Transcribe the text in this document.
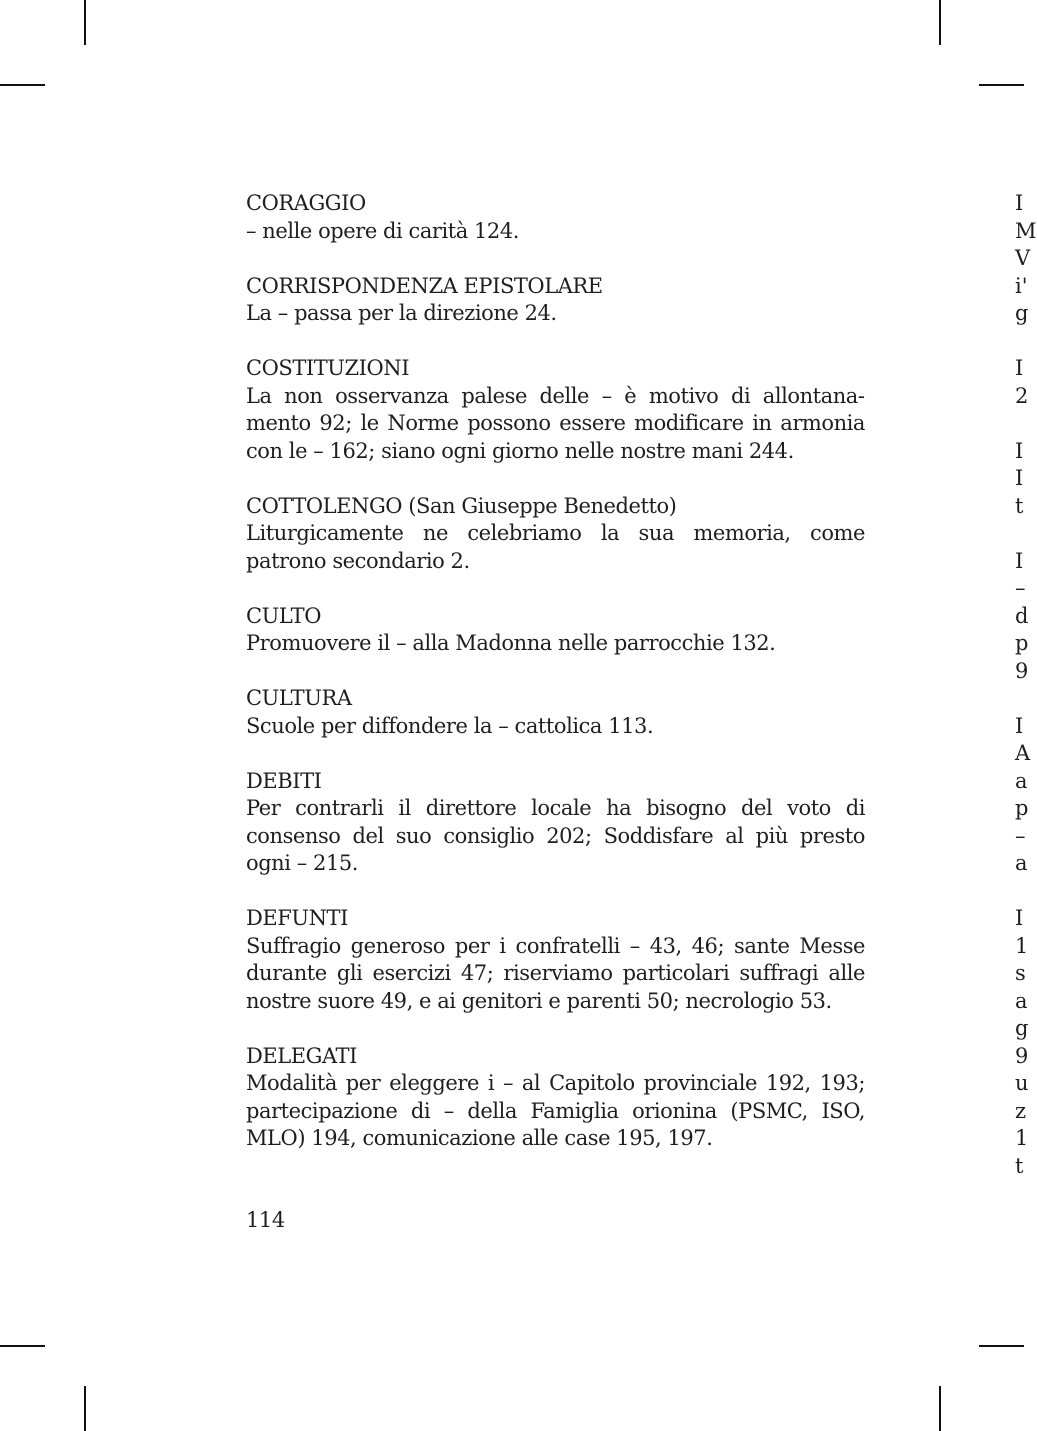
CORAGGIO
– nelle opere di carità 124.
CORRISPONDENZA EPISTOLARE
La – passa per la direzione 24.
COSTITUZIONI
La non osservanza palese delle – è motivo di allontanamento 92; le Norme possono essere modificare in armonia con le – 162; siano ogni giorno nelle nostre mani 244.
COTTOLENGO (San Giuseppe Benedetto)
Liturgicamente ne celebriamo la sua memoria, come patrono secondario 2.
CULTO
Promuovere il – alla Madonna nelle parrocchie 132.
CULTURA
Scuole per diffondere la – cattolica 113.
DEBITI
Per contrarli il direttore locale ha bisogno del voto di consenso del suo consiglio 202; Soddisfare al più presto ogni – 215.
DEFUNTI
Suffragio generoso per i confratelli – 43, 46; sante Messe durante gli esercizi 47; riserviamo particolari suffragi alle nostre suore 49, e ai genitori e parenti 50; necrologio 53.
DELEGATI
Modalità per eleggere i – al Capitolo provinciale 192, 193; partecipazione di – della Famiglia orionina (PSMC, ISO, MLO) 194, comunicazione alle case 195, 197.
114
I
M
V
i'
g
I
2
I
I
t
I
–
d
p
9
I
A
a
p
–
a
I
1
s
a
g
9
u
z
1
t
